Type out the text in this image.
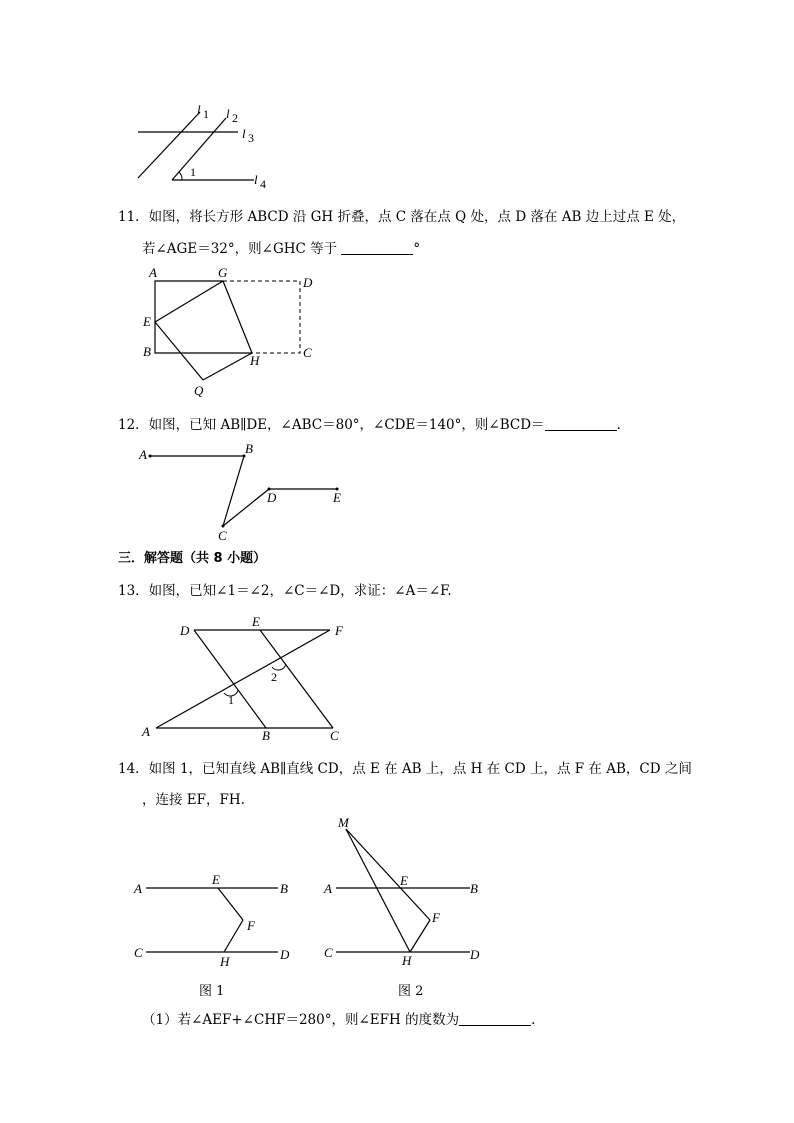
l 1 l 2
l 3
l 4
1
11．如图，将长方形 ABCD 沿 GH 折叠，点 C 落在点 Q 处，点 D 落在 AB 边上过点 E 处，
若∠AGE＝32°，则∠GHC 等于	°
A	G
D
E
B
H
C
Q
12．如图，已知 AB∥DE，∠ABC＝80°，∠CDE＝140°，则∠BCD＝	.
A	B
C
D	E
三．解答题（共 8 小题）
13．如图，已知∠1＝∠2，∠C＝∠D，求证：∠A＝∠F.
D
E
F
A	B	C
1
2
14．如图 1，已知直线 AB∥直线 CD，点 E 在 AB 上，点 H 在 CD 上，点 F 在 AB，CD 之间
，连接 EF，FH.
A
E
B
F
C
H	D
图 1
M
A
E
B
F
C
H	D
图 2
（1）若∠AEF+∠CHF＝280°，则∠EFH 的度数为	.
